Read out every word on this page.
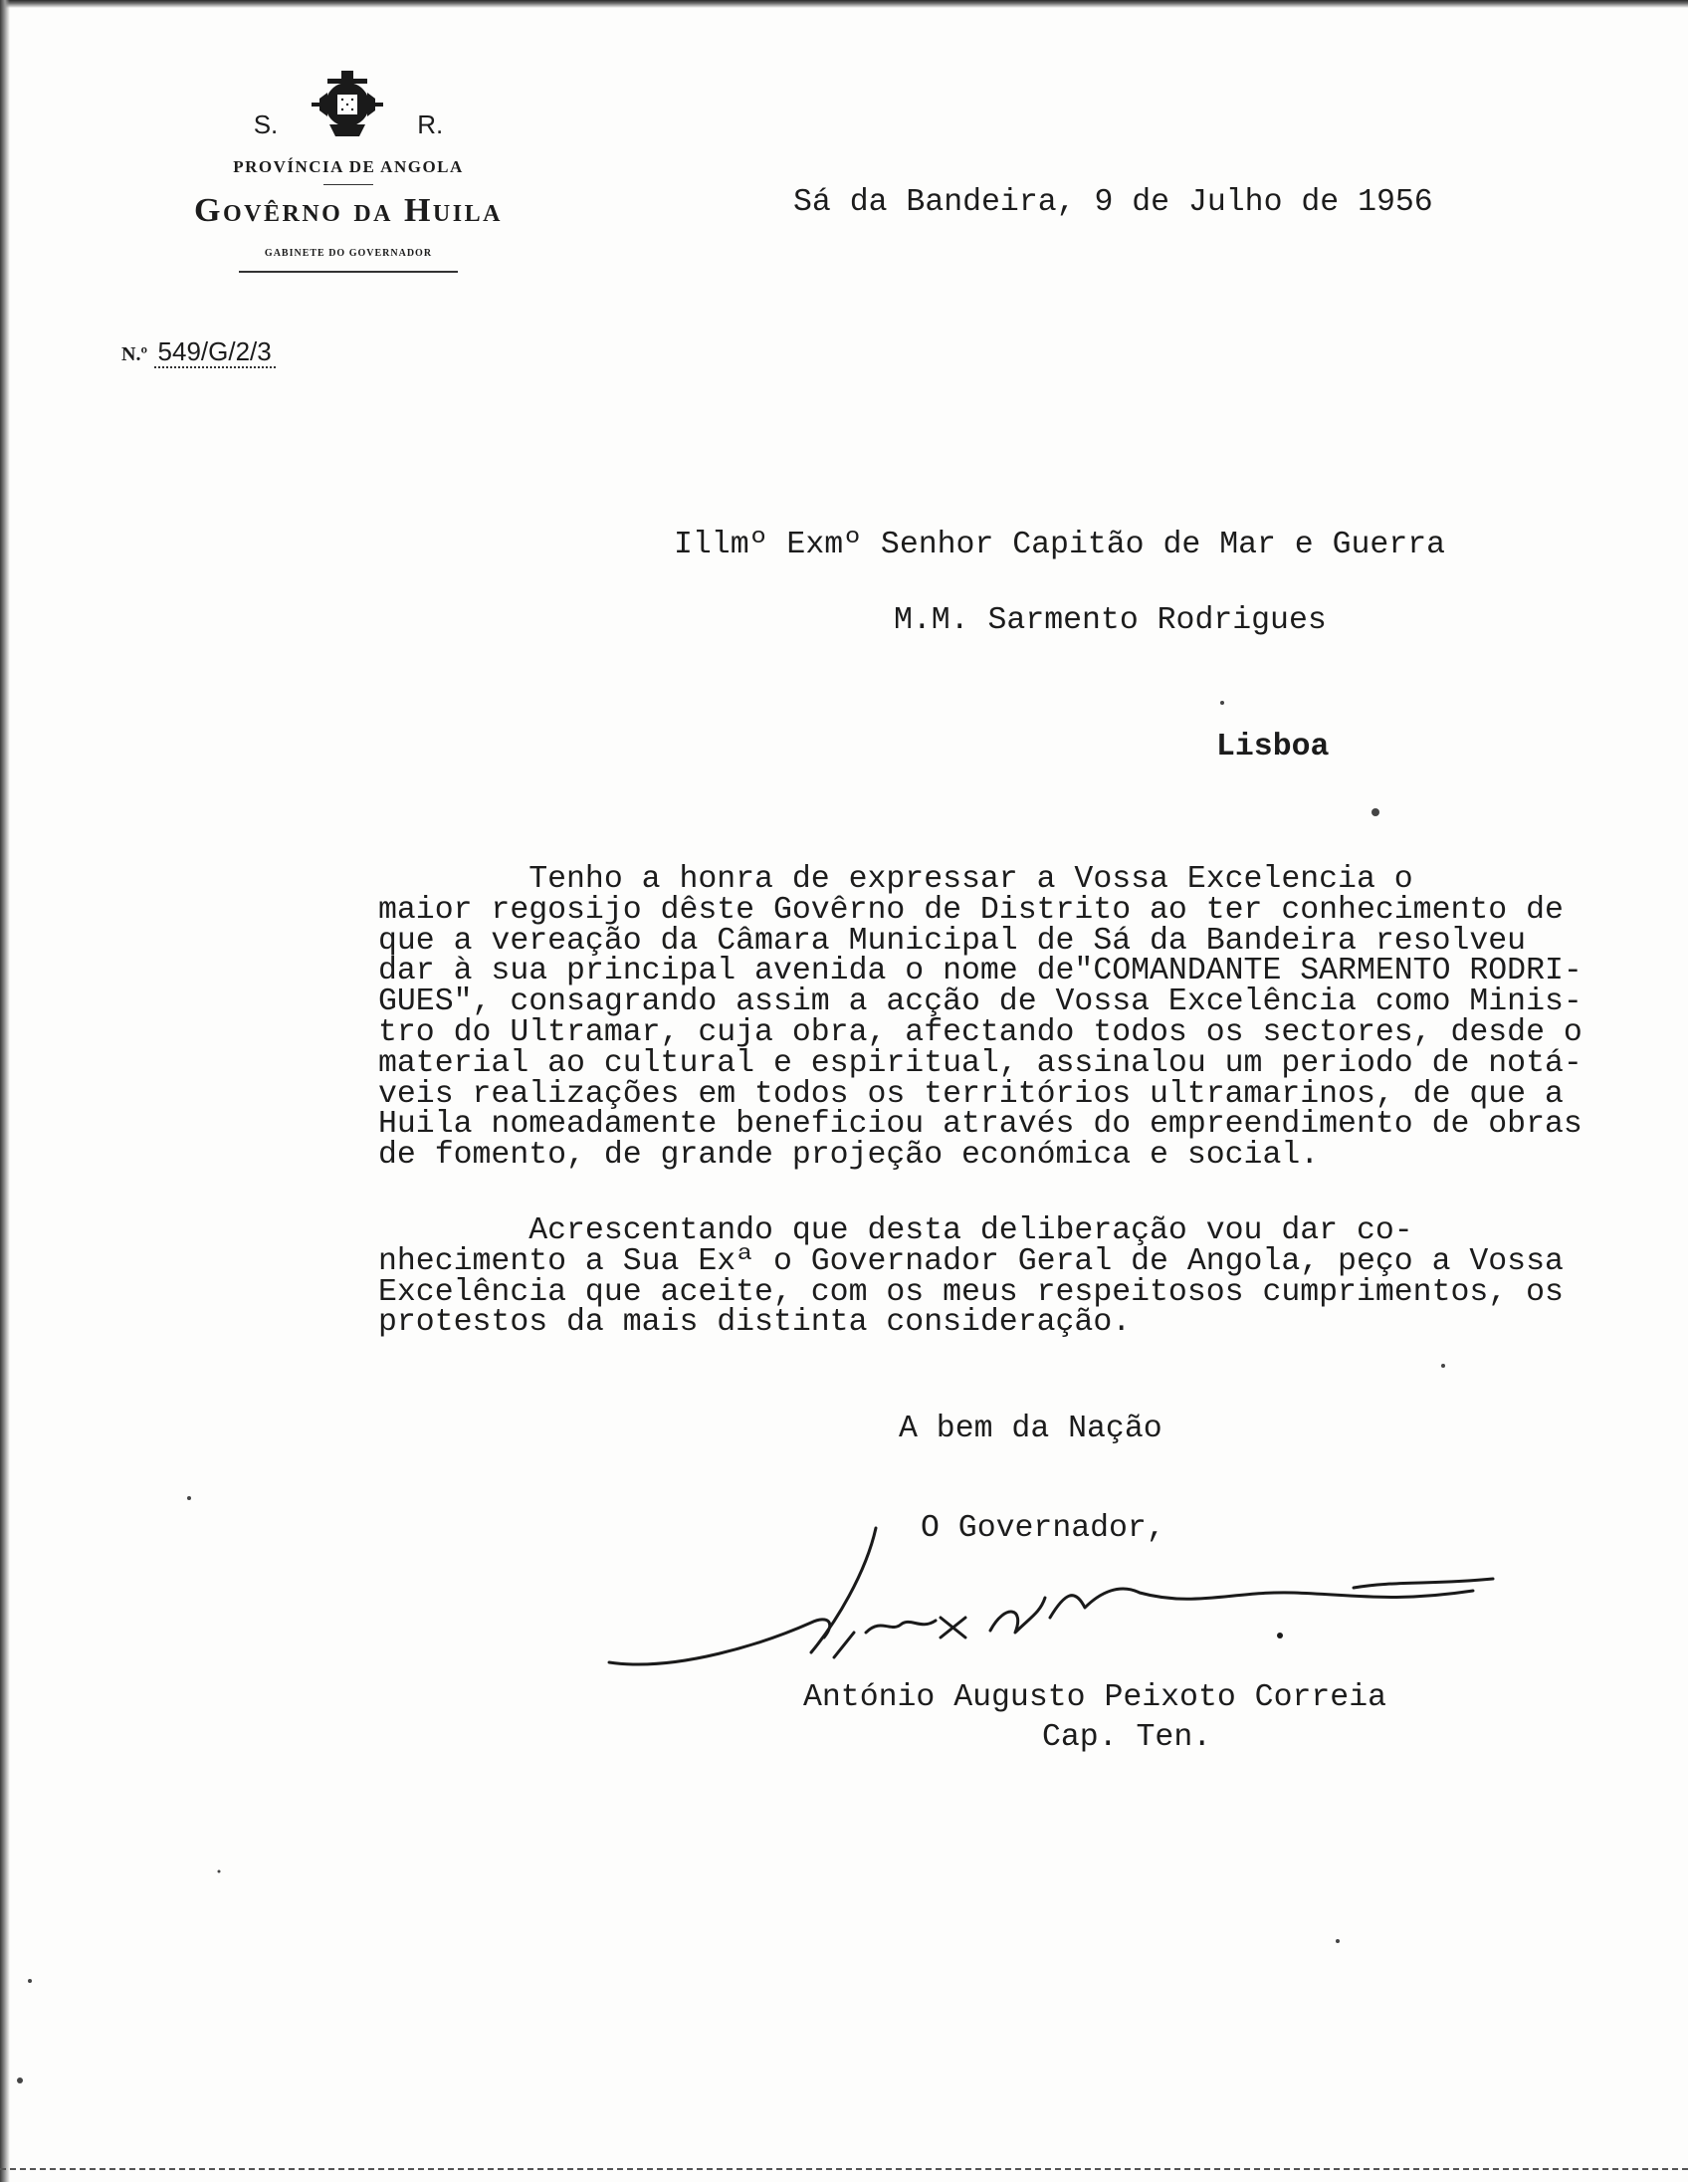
S.	R.
PROVÍNCIA DE ANGOLA
Govêrno da Huila
GABINETE DO GOVERNADOR
N.º 549/G/2/3
Sá da Bandeira, 9 de Julho de 1956
Illmº Exmº Senhor Capitão de Mar e Guerra
M.M. Sarmento Rodrigues
Lisboa
Tenho a honra de expressar a Vossa Excelencia o
maior regosijo dêste Govêrno de Distrito ao ter conhecimento de
que a vereação da Câmara Municipal de Sá da Bandeira resolveu
dar à sua principal avenida o nome de"COMANDANTE SARMENTO RODRI-
GUES", consagrando assim a acção de Vossa Excelência como Minis-
tro do Ultramar, cuja obra, afectando todos os sectores, desde o
material ao cultural e espiritual, assinalou um periodo de notá-
veis realizações em todos os territórios ultramarinos, de que a
Huila nomeadamente beneficiou através do empreendimento de obras
de fomento, de grande projeção económica e social.
Acrescentando que desta deliberação vou dar co-
nhecimento a Sua Exª o Governador Geral de Angola, peço a Vossa
Excelência que aceite, com os meus respeitosos cumprimentos, os
protestos da mais distinta consideração.
A bem da Nação
O Governador,
António Augusto Peixoto Correia
Cap. Ten.
